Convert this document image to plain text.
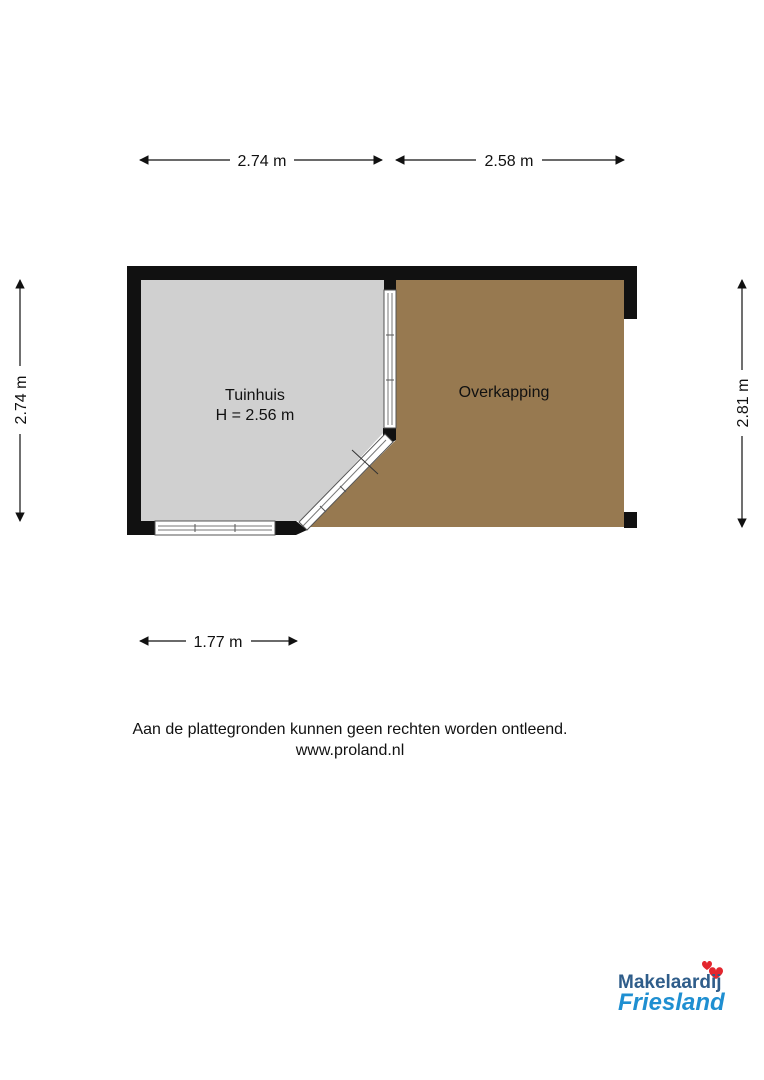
2.74 m	2.58 m
2.74 m	2.81 m
1.77 m
Tuinhuis
H = 2.56 m
Overkapping
Aan de plattegronden kunnen geen rechten worden ontleend.
www.proland.nl
Makelaardij
Friesland
